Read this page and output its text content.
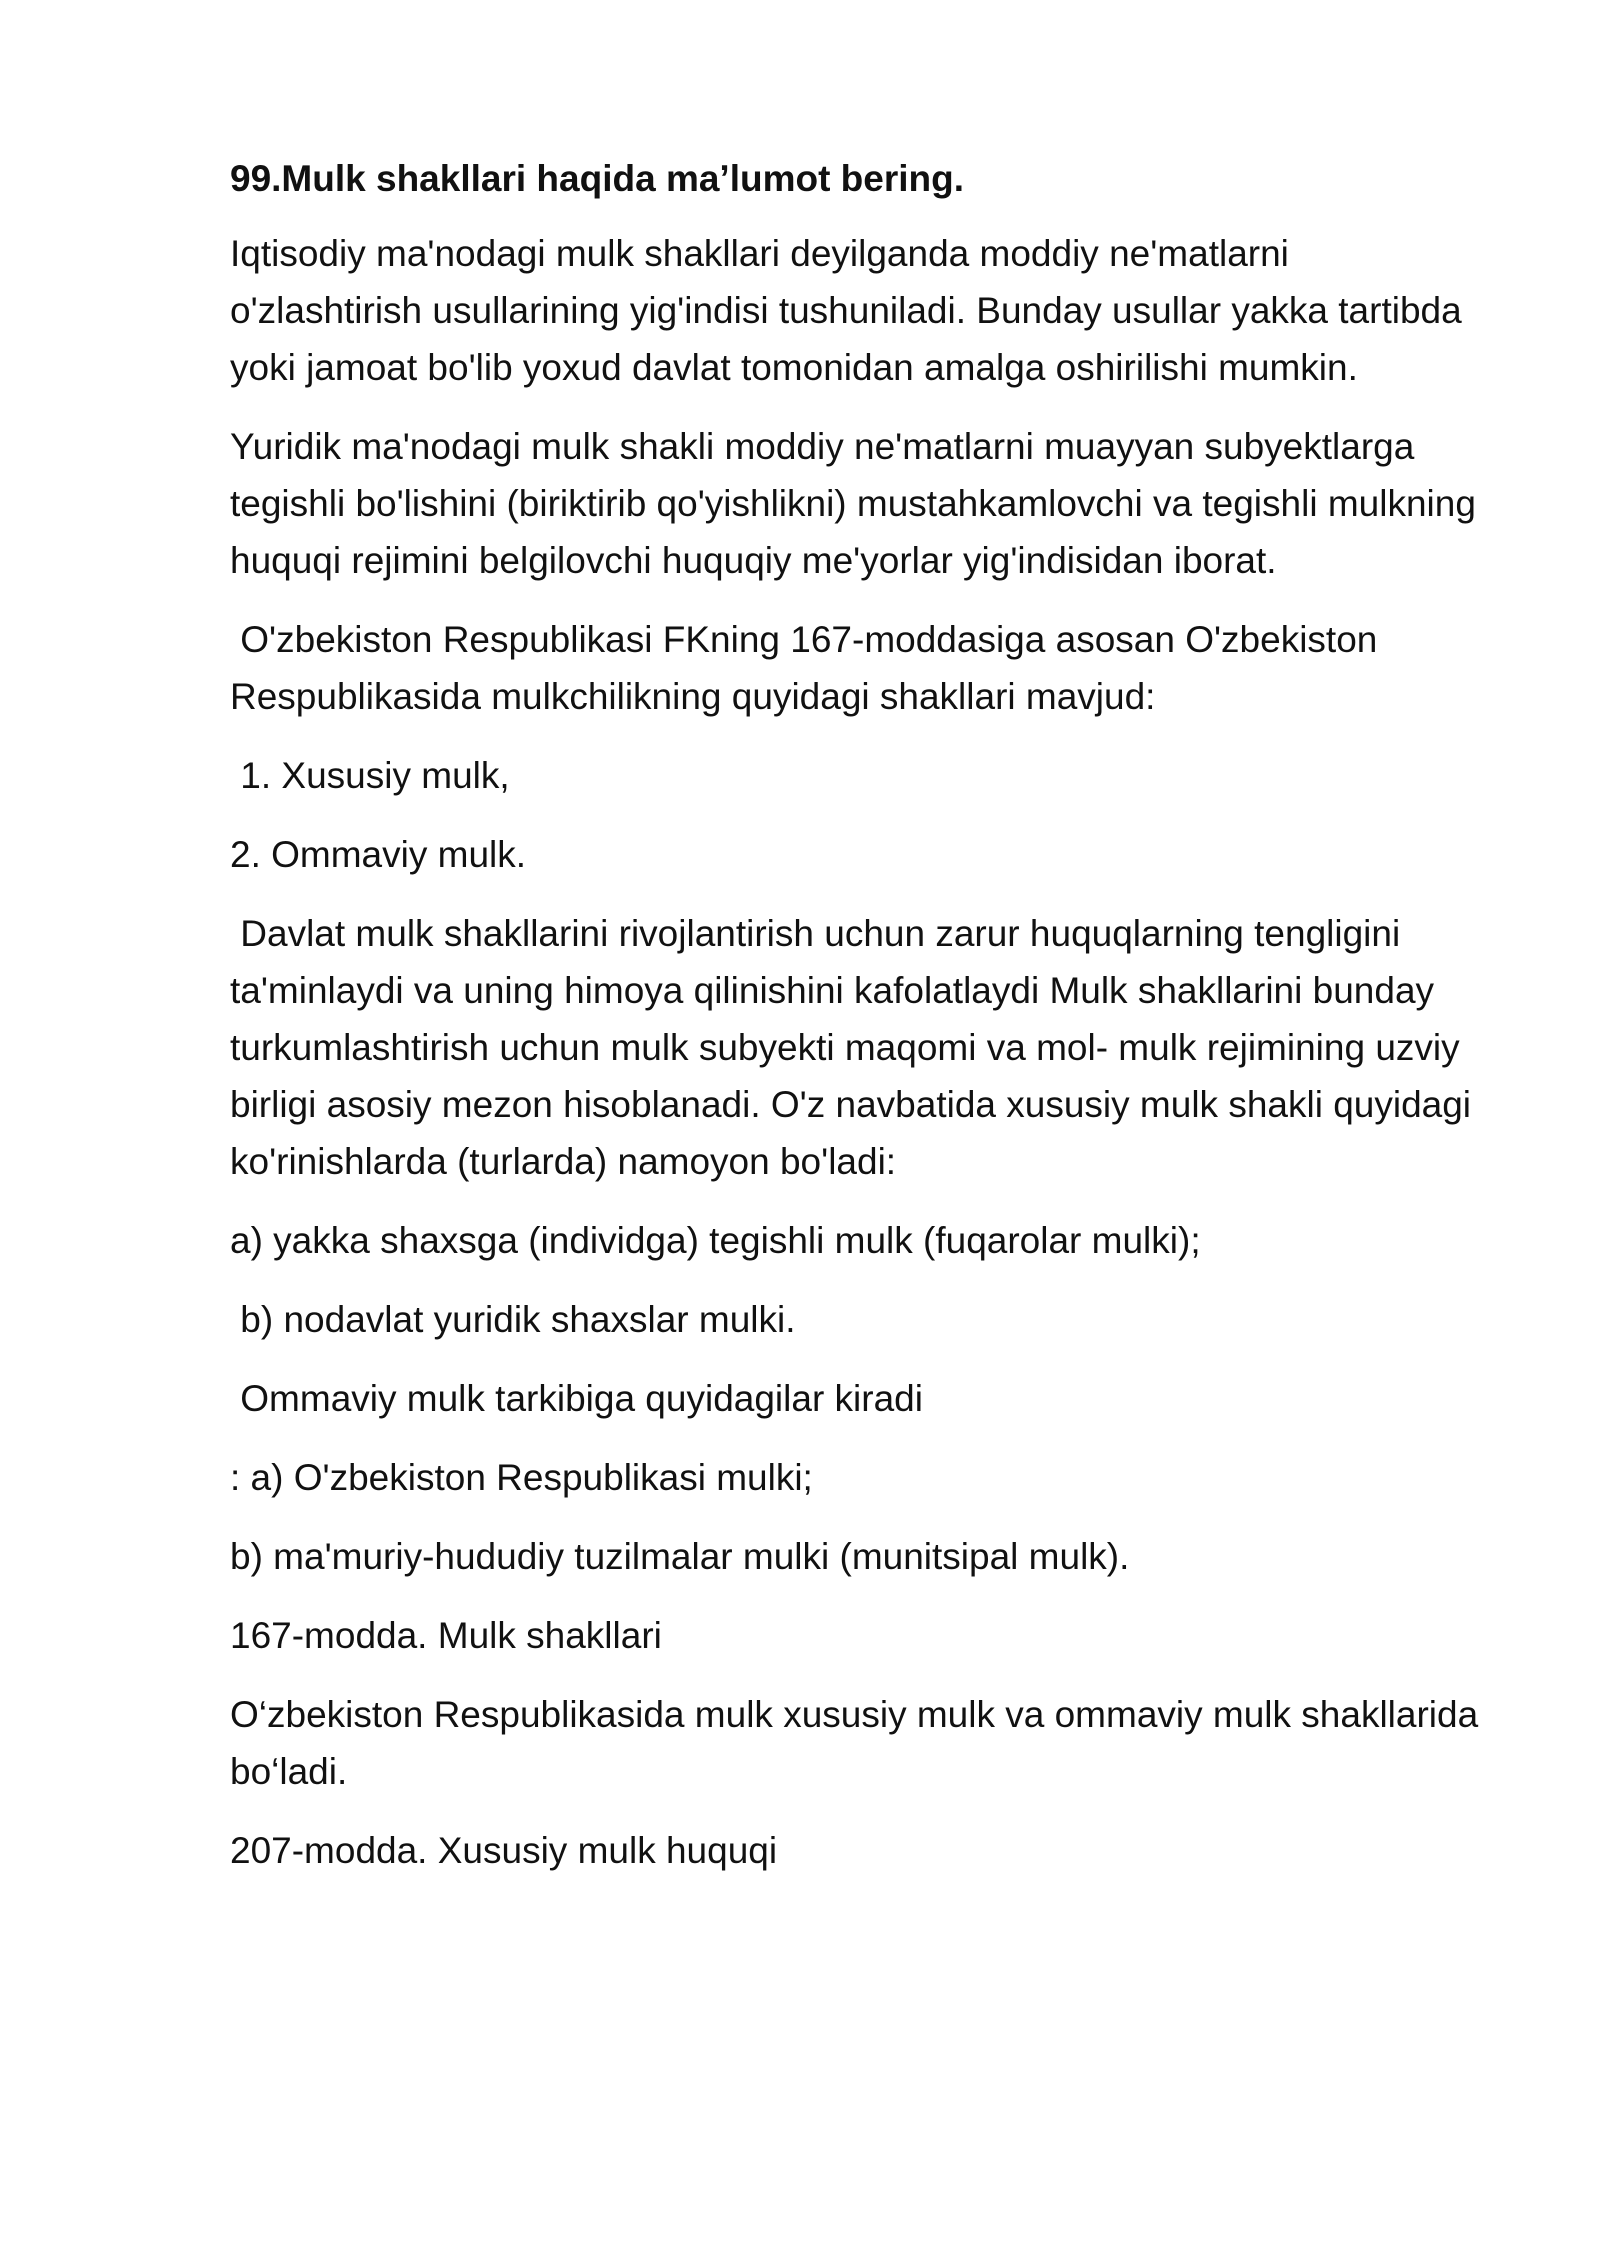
99.Mulk shakllari haqida ma’lumot bering.

Iqtisodiy ma'nodagi mulk shakllari deyilganda moddiy ne'matlarni o'zlashtirish usullarining yig'indisi tushuniladi. Bunday usullar yakka tartibda yoki jamoat bo'lib yoxud davlat tomonidan amalga oshirilishi mumkin.

Yuridik ma'nodagi mulk shakli moddiy ne'matlarni muayyan subyektlarga tegishli bo'lishini (biriktirib qo'yishlikni) mustahkamlovchi va tegishli mulkning huquqi rejimini belgilovchi huquqiy me'yorlar yig'indisidan iborat.

O'zbekiston Respublikasi FKning 167-moddasiga asosan O'zbekiston Respublikasida mulkchilikning quyidagi shakllari mavjud:

1. Xususiy mulk,

2. Ommaviy mulk.

Davlat mulk shakllarini rivojlantirish uchun zarur huquqlarning tengligini ta'minlaydi va uning himoya qilinishini kafolatlaydi Mulk shakllarini bunday turkumlashtirish uchun mulk subyekti maqomi va mol- mulk rejimining uzviy birligi asosiy mezon hisoblanadi. O'z navbatida xususiy mulk shakli quyidagi ko'rinishlarda (turlarda) namoyon bo'ladi:

a) yakka shaxsga (individga) tegishli mulk (fuqarolar mulki);

b) nodavlat yuridik shaxslar mulki.

Ommaviy mulk tarkibiga quyidagilar kiradi

: a) O'zbekiston Respublikasi mulki;

b) ma'muriy-hududiy tuzilmalar mulki (munitsipal mulk).

167-modda. Mulk shakllari

O‘zbekiston Respublikasida mulk xususiy mulk va ommaviy mulk shakllarida bo‘ladi.

207-modda. Xususiy mulk huquqi
